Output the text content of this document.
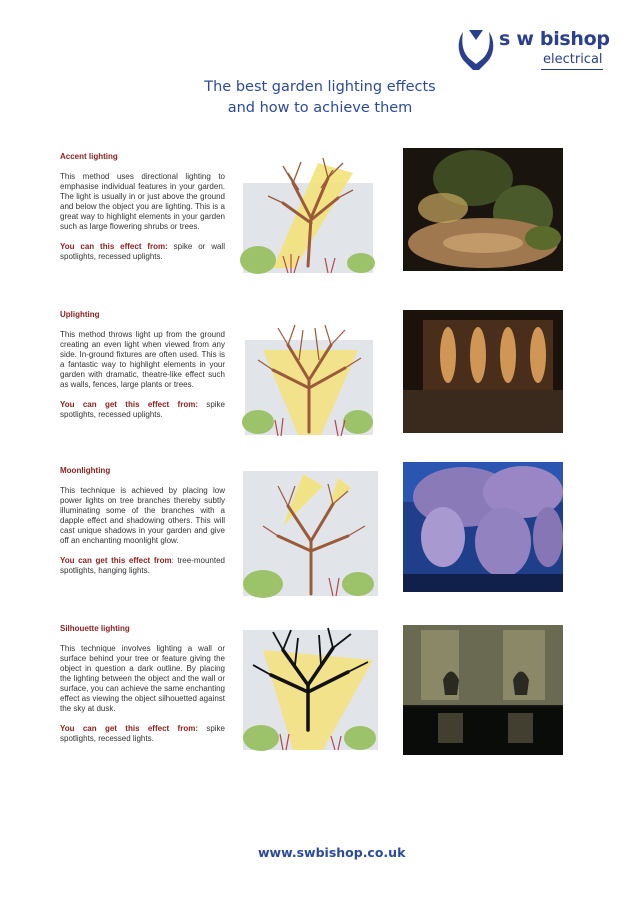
s w bishop
electrical
The best garden lighting effects
and how to achieve them
Accent lighting
This method uses directional lighting to emphasise individual features in your garden. The light is usually in or just above the ground and below the object you are lighting. This is a great way to highlight elements in your garden such as large flowering shrubs or trees.
You can this effect from: spike or wall spotlights, recessed uplights.
Uplighting
This method throws light up from the ground creating an even light when viewed from any side. In-ground fixtures are often used. This is a fantastic way to highlight elements in your garden with dramatic, theatre-like effect such as walls, fences, large plants or trees.
You can get this effect from: spike spotlights, recessed uplights.
Moonlighting
This technique is achieved by placing low power lights on tree branches thereby subtly illuminating some of the branches with a dapple effect and shadowing others. This will cast unique shadows in your garden and give off an enchanting moonlight glow.
You can get this effect from: tree-mounted spotlights, hanging lights.
Silhouette lighting
This technique involves lighting a wall or surface behind your tree or feature giving the object in question a dark outline. By placing the lighting between the object and the wall or surface, you can achieve the same enchanting effect as viewing the object silhouetted against the sky at dusk.
You can get this effect from: spike spotlights, recessed lights.
www.swbishop.co.uk
